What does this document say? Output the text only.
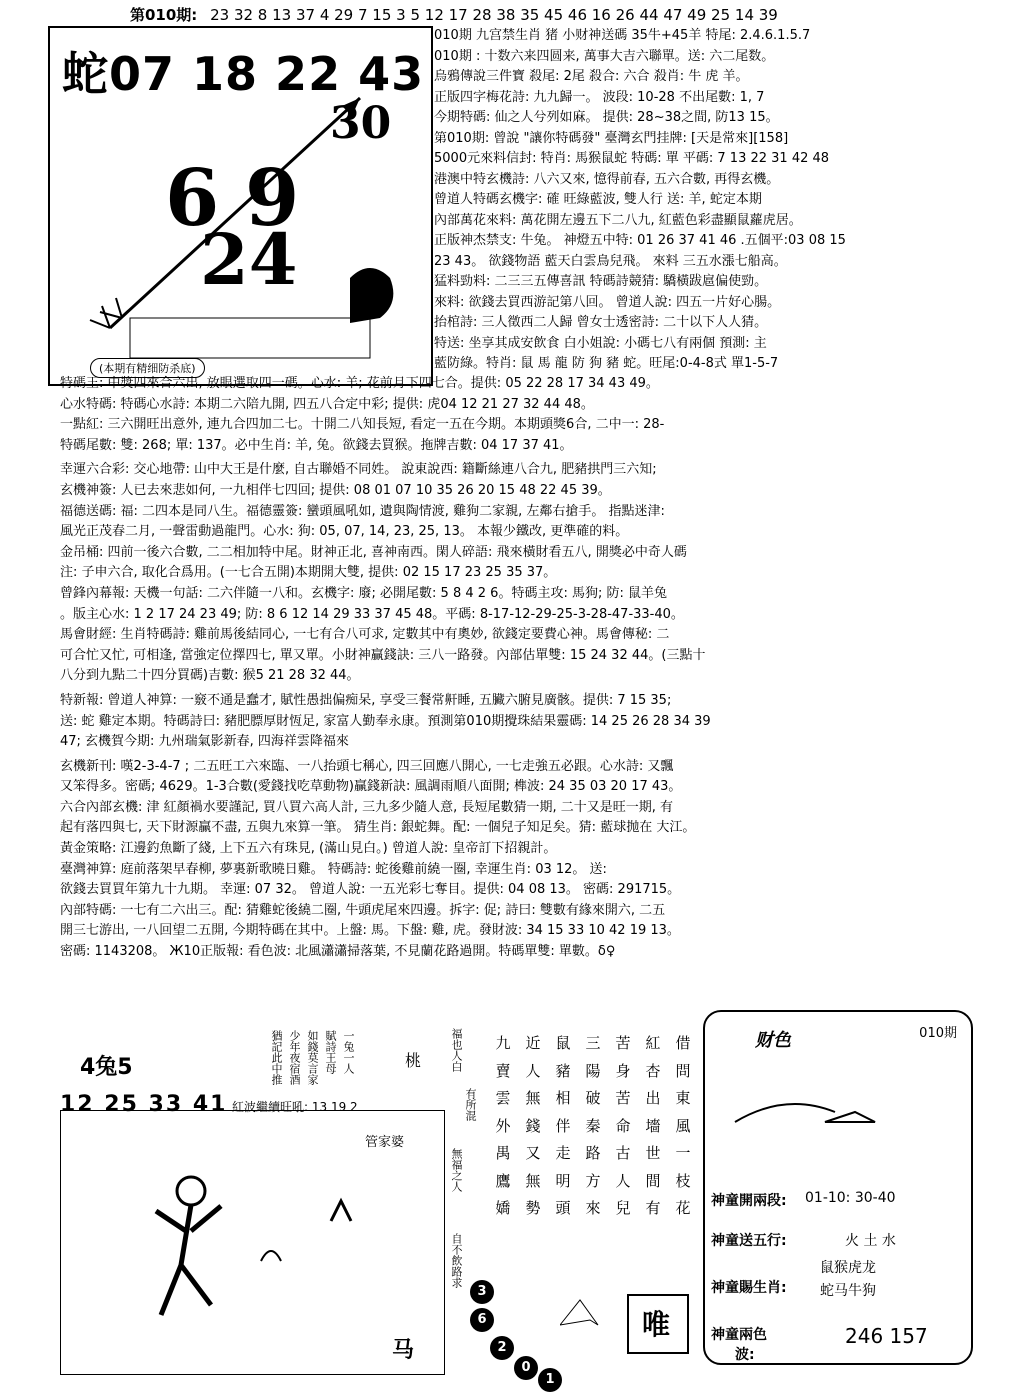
第010期: 23 32 8 13 37 4 29 7 15 3 5 12 17 28 38 35 45 46 16 26 44 47 49 25 14 39
蛇07 18 22 43
30
6 9
24
(本期有精细防杀底)
010期 九宫禁生肖 猪 小财神送碼 35牛+45羊 特尾: 2.4.6.1.5.7
010期 : 十数六来四圆来, 萬事大吉六聯單。送: 六二尾数。
烏鴉傳說三件寶 殺尾: 2尾 殺合: 六合 殺肖: 牛 虎 羊。
正版四字梅花詩: 九九歸一。 波段: 10-28 不出尾數: 1, 7
今期特碼: 仙之人兮列如麻。 提供: 28~38之間, 防13 15。
第010期: 曾說 "讓你特碼發" 臺灣玄門挂牌: [天是常來][158]
5000元來料信封: 特肖: 馬猴鼠蛇 特碼: 單 平碼: 7 13 22 31 42 48
港澳中特玄機詩: 八六又來, 憶得前春, 五六合數, 再得玄機。
曾道人特碼玄機字: 確 旺綠藍波, 雙人行 送: 羊, 蛇定本期
內部萬花來料: 萬花開左邊五下二八九, 紅藍色彩盡顯鼠蘿虎居。
正版神杰禁支: 牛兔。 神燈五中特: 01 26 37 41 46 .五個平:03 08 15
23 43。 欲錢物語 藍天白雲鳥兒飛。 來料 三五水漲七船高。
猛料勁料: 二三三五傳喜訊 特碼詩競猜: 驕橫跋扈偏使勁。
來料: 欲錢去買西游記第八回。 曾道人說: 四五一片好心腸。
抬棺詩: 三人徵西二人歸 曾女士透密詩: 二十以下人人猜。
特送: 坐享其成安飲食 白小姐說: 小碼七八有兩個 預測: 主
藍防綠。特肖: 鼠 馬 龍 防 狗 豬 蛇。旺尾:0-4-8式 單1-5-7
特碼王: 中獎四來合六出, 放眼選取四一碼。心水: 羊; 花前月下四七合。提供: 05 22 28 17 34 43 49。
心水特碼: 特碼心水詩: 本期二六陪九開, 四五八合定中彩; 提供: 虎04 12 21 27 32 44 48。
一點紅: 三六開旺出意外, 連九合四加二七。十開二八知長短, 看定一五在今期。本期頭獎6合, 二中一: 28-
特碼尾數: 雙: 268; 單: 137。必中生肖: 羊, 兔。欲錢去買猴。拖牌吉數: 04 17 37 41。
幸運六合彩: 交心地帶: 山中大王是什麼, 自古聯婚不同姓。 說東說西: 籍斷絲連八合九, 肥豬拱門三六知;
玄機神簽: 人已去來悲如何, 一九相伴七四回; 提供: 08 01 07 10 35 26 20 15 48 22 45 39。
福德送碼: 福: 二四本是同八生。福德靈簽: 蠻頭風吼如, 遺與陶情渡, 雞狗二家親, 左鄰右搶手。 指點迷津:
風光正茂春二月, 一聲雷動過龍門。心水: 狗: 05, 07, 14, 23, 25, 13。 本報少鐵改, 更準確的料。
金吊桶: 四前一後六合數, 二二相加特中尾。財神正北, 喜神南西。閑人碎語: 飛來橫財看五八, 開獎必中奇人碼
注: 子申六合, 取化合爲用。(一七合五開)本期開大雙, 提供: 02 15 17 23 25 35 37。
曾鋒內幕報: 天機一句話: 二六伴隨一八和。玄機字: 廢; 必開尾數: 5 8 4 2 6。特碼主攻: 馬狗; 防: 鼠羊兔
。版主心水: 1 2 17 24 23 49; 防: 8 6 12 14 29 33 37 45 48。平碼: 8-17-12-29-25-3-28-47-33-40。
馬會財經: 生肖特碼詩: 雞前馬後結同心, 一七有合八可求, 定數其中有奧妙, 欲錢定要費心神。馬會傳秘: 二
可合忙又忙, 可相逢, 當強定位擇四七, 單又單。小財神贏錢訣: 三八一路發。內部估單雙: 15 24 32 44。(三點十
八分到九點二十四分買碼)吉數: 猴5 21 28 32 44。
特新報: 曾道人神算: 一竅不通是蠢才, 賦性愚拙偏痴呆, 享受三餐常鼾睡, 五臟六腑見廣骸。提供: 7 15 35;
送: 蛇 雞定本期。特碼詩曰: 豬肥膘厚財恆足, 家富人勤奉永康。預測第010期攪珠結果靈碼: 14 25 26 28 34 39
47; 玄機賀今期: 九州瑞氣影新春, 四海祥雲降福來
玄機新刊: 嘆2-3-4-7 ; 二五旺工六來臨、一八抬頭七稱心, 四三回應八開心, 一七走強五必跟。心水詩: 又飄
又笨得多。密碼; 4629。1-3合數(愛錢找吃草動物)贏錢新訣: 風調雨順八面開; 榫波: 24 35 03 20 17 43。
六合內部玄機: 津 紅顏禍水要謹記, 買八買六高人計, 三九多少隨人意, 長短尾數猜一期, 二十又是旺一期, 有
起有落四與七, 天下財源贏不盡, 五與九來算一筆。 猜生肖: 銀蛇舞。配: 一個兒子知足矣。猜: 藍球抛在 大江。
黃金策略: 江邊釣魚斷了綫, 上下五六有珠見, (滿山見白。) 曾道人說: 皇帝訂下招親計。
臺灣神算: 庭前落架早春柳, 夢裏新歌曉日雞。 特碼詩: 蛇後雞前繞一圈, 幸運生肖: 03 12。 送:
欲錢去買買年第九十九期。 幸運: 07 32。 曾道人說: 一五光彩七奪目。提供: 04 08 13。 密碼: 291715。
內部特碼: 一七有二六出三。配: 猜雞蛇後繞二圈, 牛頭虎尾來四邊。拆字: 促; 詩曰: 雙數有緣來開六, 二五
開三七游出, 一八回望二五開, 今期特碼在其中。上盤: 馬。下盤: 雞, 虎。發財波: 34 15 33 10 42 19 13。
密碼: 1143208。 Ж10正版報: 看色波: 北風瀟瀟掃落葉, 不見蘭花路過開。特碼單雙: 單數。δ♀
4兔5	猶記此中推 少年夜宿酒 如錢莫言家 賦詩王母 一兔一人	桃
12 25 33 41 紅波繼續旺吼: 13 19 2
管家婆
马
福也人白
有所混
無福之人
自不飲路求
九 近 鼠 三 苦 紅 借
賣 人 豬 陽 身 杏 問
雲 無 相 破 苦 出 東
外 錢 伴 秦 命 墻 風
禺 又 走 路 古 世 一
鷹 無 明 方 人 間 枝
嬌 勢 頭 來 兒 有 花
3
6
2
0
1
唯
财色	010期
神童開兩段: 01-10: 30-40
神童送五行:	火 土 水
神童賜生肖:
鼠猴虎龙
蛇马牛狗
神童兩色
波:
246 157
